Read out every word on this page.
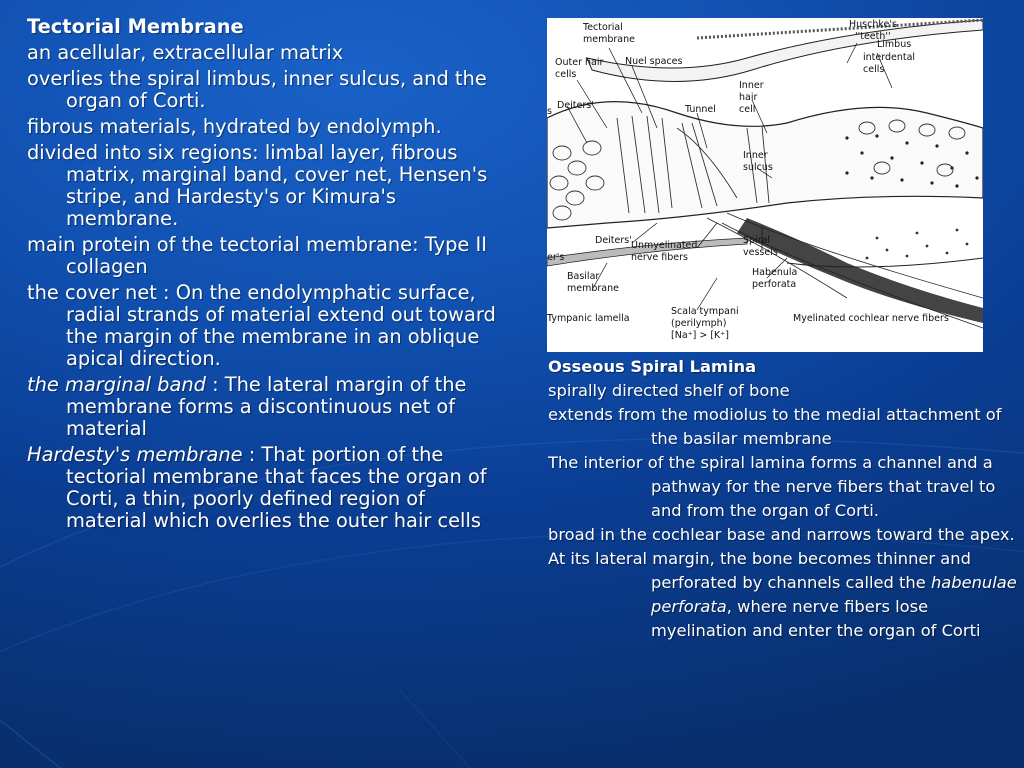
Tectorial Membrane

an acellular, extracellular matrix

overlies the spiral limbus, inner sulcus, and the organ of Corti.

fibrous materials, hydrated by endolymph.

divided into six regions: limbal layer, fibrous matrix, marginal band, cover net, Hensen's stripe, and Hardesty's or Kimura's membrane.

main protein of the tectorial membrane: Type II collagen

the cover net : On the endolymphatic surface, radial strands of material extend out toward the margin of the membrane in an oblique apical direction.

the marginal band : The lateral margin of the membrane forms a discontinuous net of material

Hardesty's membrane : That portion of the tectorial membrane that faces the organ of Corti, a thin, poorly defined region of material which overlies the outer hair cells

Tectorial
membrane
Huschke's
''teeth''
Limbus
interdental
cells
Outer hair
cells
Nuel spaces
Deiters'	Tunnel
Inner
hair
cell
Inner
sulcus
s
Deiters' Unmyelinated
nerve fibers
Spiral
vessels
er's
Basilar
membrane
Habenula
perforata
Tympanic lamella
Scala tympani
(perilymph)
[Na⁺] > [K⁺]
Myelinated cochlear nerve fibers

Osseous Spiral Lamina

spirally directed shelf of bone

extends from the modiolus to the medial attachment of the basilar membrane

The interior of the spiral lamina forms a channel and a pathway for the nerve fibers that travel to and from the organ of Corti.

broad in the cochlear base and narrows toward the apex.

At its lateral margin, the bone becomes thinner and perforated by channels called the habenulae perforata, where nerve fibers lose myelination and enter the organ of Corti
